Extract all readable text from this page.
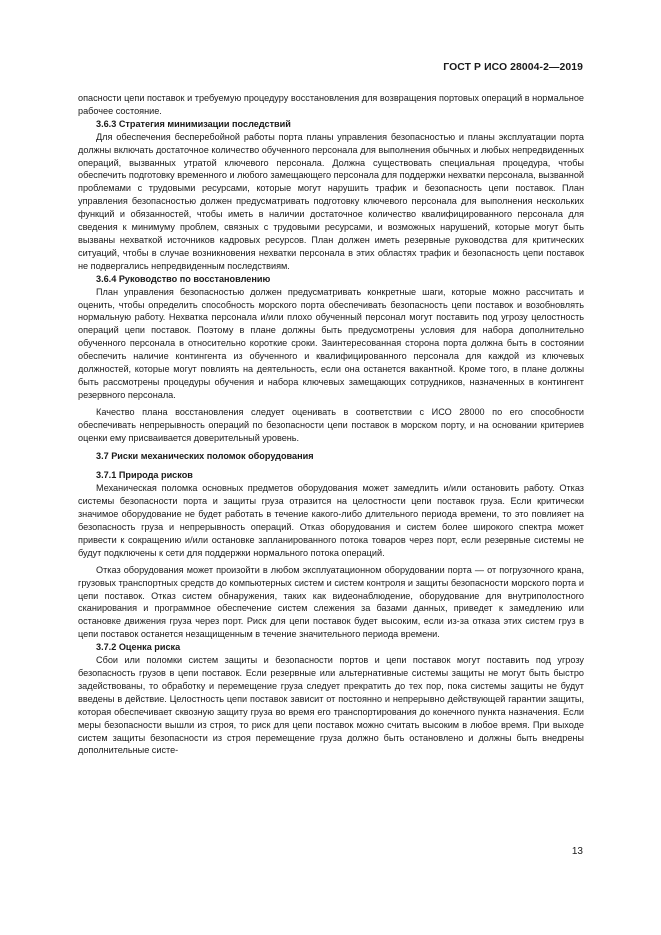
ГОСТ Р ИСО 28004-2—2019

опасности цепи поставок и требуемую процедуру восстановления для возвращения портовых операций в нормальное рабочее состояние.

3.6.3 Стратегия минимизации последствий

Для обеспечения бесперебойной работы порта планы управления безопасностью и планы эксплуатации порта должны включать достаточное количество обученного персонала для выполнения обычных и любых непредвиденных операций, вызванных утратой ключевого персонала. Должна существовать специальная процедура, чтобы обеспечить подготовку временного и любого замещающего персонала для поддержки нехватки персонала, вызванной проблемами с трудовыми ресурсами, которые могут нарушить трафик и безопасность цепи поставок. План управления безопасностью должен предусматривать подготовку ключевого персонала для выполнения нескольких функций и обязанностей, чтобы иметь в наличии достаточное количество квалифицированного персонала для сведения к минимуму проблем, связных с трудовыми ресурсами, и возможных нарушений, которые могут быть вызваны нехваткой источников кадровых ресурсов. План должен иметь резервные руководства для критических ситуаций, чтобы в случае возникновения нехватки персонала в этих областях трафик и безопасность цепи поставок не подвергались непредвиденным последствиям.

3.6.4 Руководство по восстановлению

План управления безопасностью должен предусматривать конкретные шаги, которые можно рассчитать и оценить, чтобы определить способность морского порта обеспечивать безопасность цепи поставок и возобновлять нормальную работу. Нехватка персонала и/или плохо обученный персонал могут поставить под угрозу целостность операций цепи поставок. Поэтому в плане должны быть предусмотрены условия для набора дополнительно обученного персонала в относительно короткие сроки. Заинтересованная сторона порта должна быть в состоянии обеспечить наличие контингента из обученного и квалифицированного персонала для каждой из ключевых должностей, которые могут повлиять на деятельность, если она останется вакантной. Кроме того, в плане должны быть рассмотрены процедуры обучения и набора ключевых замещающих сотрудников, назначенных в контингент резервного персонала.

Качество плана восстановления следует оценивать в соответствии с ИСО 28000 по его способности обеспечивать непрерывность операций по безопасности цепи поставок в морском порту, и на основании критериев оценки ему присваивается доверительный уровень.

3.7 Риски механических поломок оборудования

3.7.1 Природа рисков

Механическая поломка основных предметов оборудования может замедлить и/или остановить работу. Отказ системы безопасности порта и защиты груза отразится на целостности цепи поставок груза. Если критически значимое оборудование не будет работать в течение какого-либо длительного периода времени, то это повлияет на безопасность груза и непрерывность операций. Отказ оборудования и систем более широкого спектра может привести к сокращению и/или остановке запланированного потока товаров через порт, если резервные системы не будут подключены к сети для поддержки нормального потока операций.

Отказ оборудования может произойти в любом эксплуатационном оборудовании порта — от погрузочного крана, грузовых транспортных средств до компьютерных систем и систем контроля и защиты безопасности морского порта и цепи поставок. Отказ систем обнаружения, таких как видеонаблюдение, оборудование для внутриполостного сканирования и программное обеспечение систем слежения за базами данных, приведет к замедлению или остановке движения груза через порт. Риск для цепи поставок будет высоким, если из-за отказа этих систем груз в цепи поставок останется незащищенным в течение значительного периода времени.

3.7.2 Оценка риска

Сбои или поломки систем защиты и безопасности портов и цепи поставок могут поставить под угрозу безопасность грузов в цепи поставок. Если резервные или альтернативные системы защиты не могут быть быстро задействованы, то обработку и перемещение груза следует прекратить до тех пор, пока системы защиты не будут введены в действие. Целостность цепи поставок зависит от постоянно и непрерывно действующей гарантии защиты, которая обеспечивает сквозную защиту груза во время его транспортирования до конечного пункта назначения. Если меры безопасности вышли из строя, то риск для цепи поставок можно считать высоким в любое время. При выходе систем защиты безопасности из строя перемещение груза должно быть остановлено и должны быть внедрены дополнительные систе-

13
